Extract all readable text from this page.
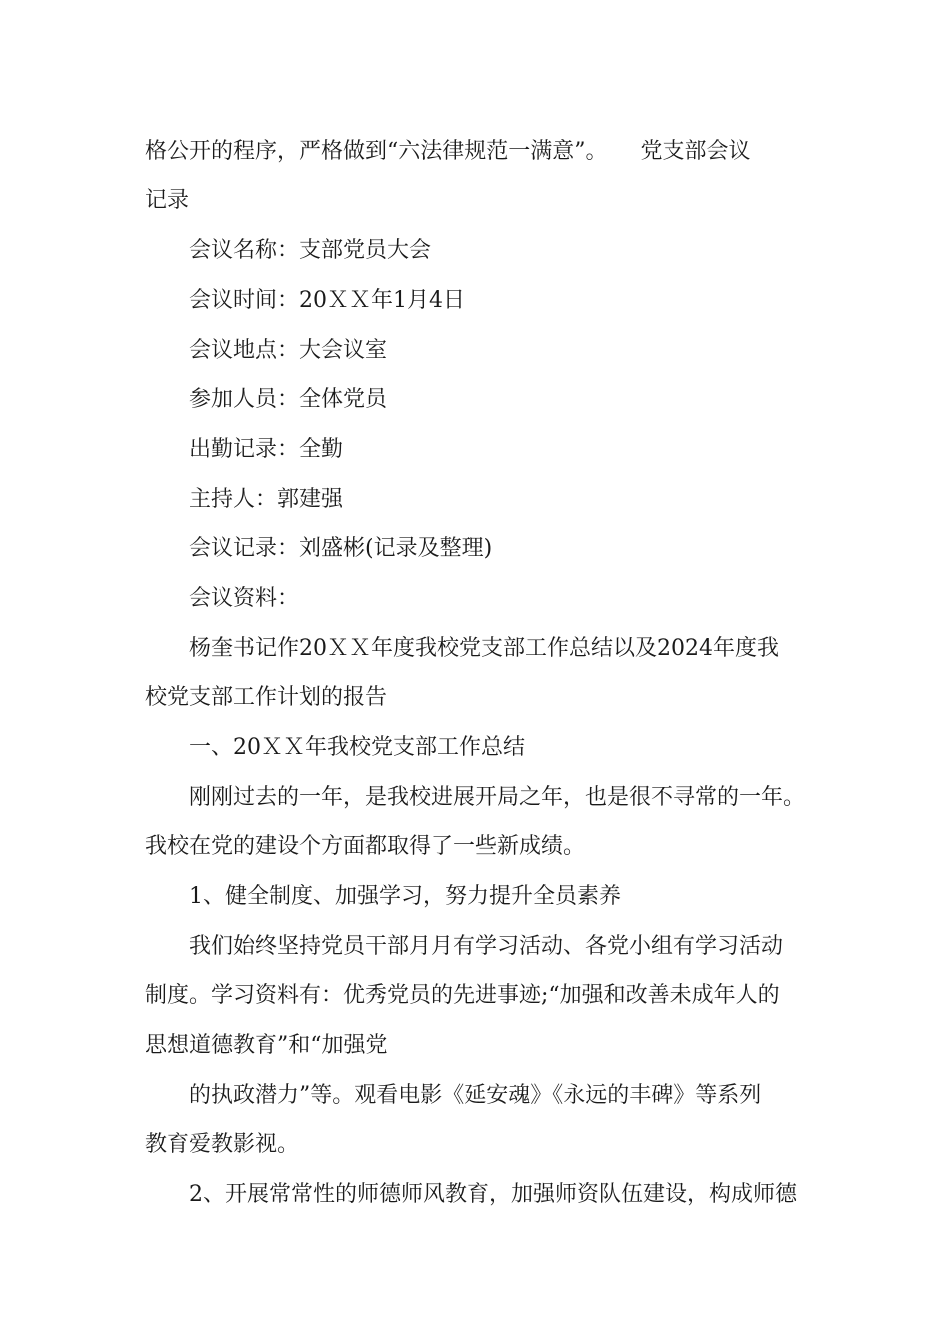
格公开的程序，严格做到“六法律规范一满意”。　　党支部会议
记录
会议名称：支部党员大会
会议时间：20ＸＸ年1月4日
会议地点：大会议室
参加人员：全体党员
出勤记录：全勤
主持人：郭建强
会议记录：刘盛彬(记录及整理)
会议资料：
杨奎书记作20ＸＸ年度我校党支部工作总结以及2024年度我
校党支部工作计划的报告
一、20ＸＸ年我校党支部工作总结
刚刚过去的一年，是我校进展开局之年，也是很不寻常的一年。
我校在党的建设个方面都取得了一些新成绩。
1、健全制度、加强学习，努力提升全员素养
我们始终坚持党员干部月月有学习活动、各党小组有学习活动
制度。学习资料有：优秀党员的先进事迹;“加强和改善未成年人的
思想道德教育”和“加强党
的执政潜力”等。观看电影《延安魂》《永远的丰碑》等系列
教育爱教影视。
2、开展常常性的师德师风教育，加强师资队伍建设，构成师德
